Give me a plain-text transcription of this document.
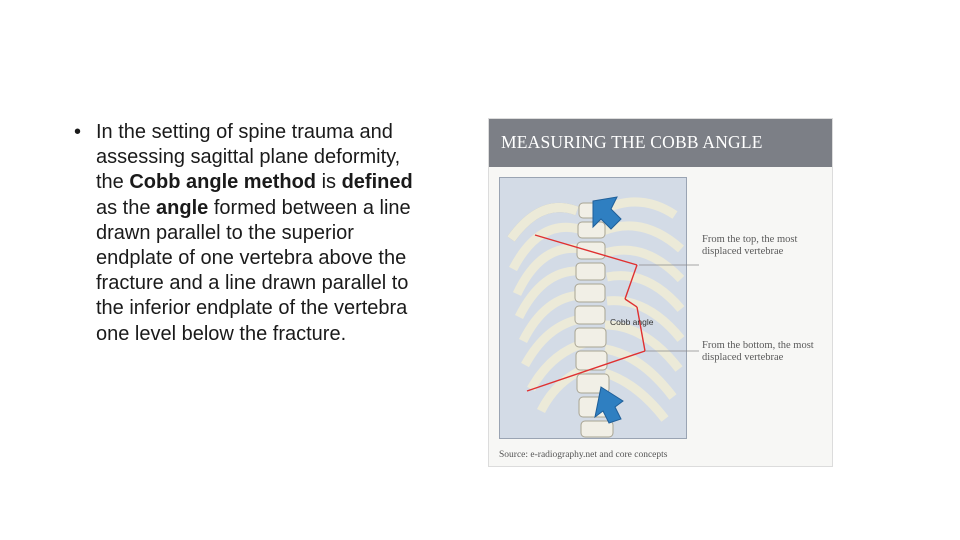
• In the setting of spine trauma and assessing sagittal plane deformity, the Cobb angle method is defined as the angle formed between a line drawn parallel to the superior endplate of one vertebra above the fracture and a line drawn parallel to the inferior endplate of the vertebra one level below the fracture.
MEASURING THE COBB ANGLE
Cobb angle
From the top, the most displaced vertebrae
From the bottom, the most displaced vertebrae
Source: e-radiography.net and core concepts
